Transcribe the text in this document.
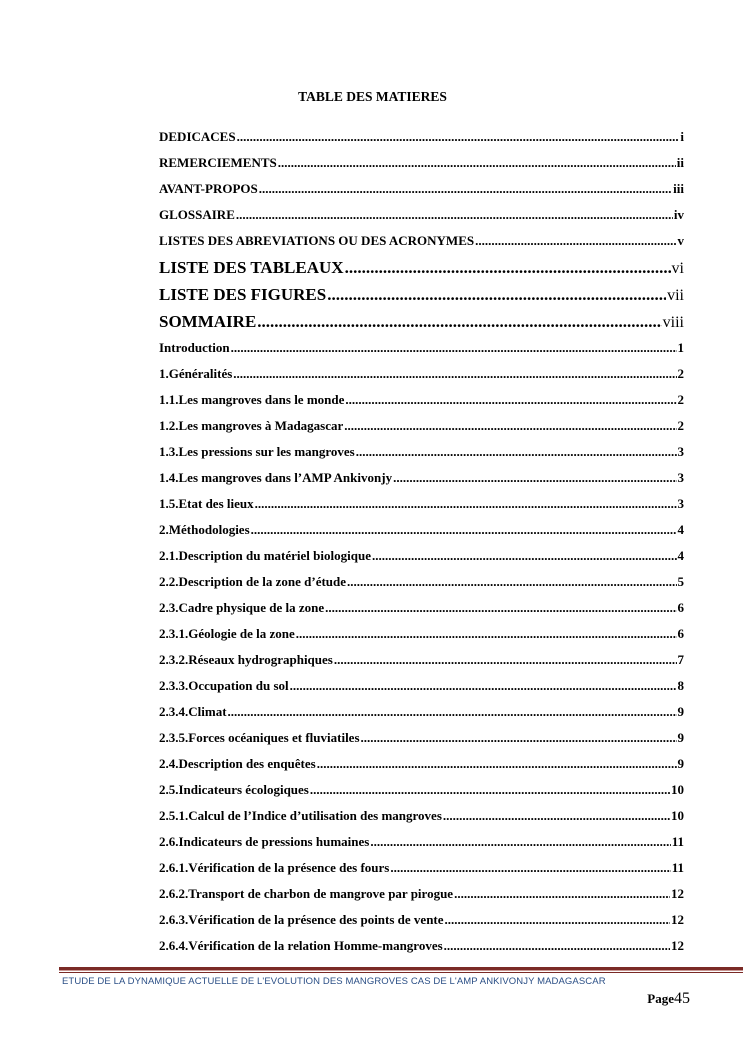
TABLE DES MATIERES
DEDICACES .....	i
REMERCIEMENTS .....	ii
AVANT-PROPOS .....	iii
GLOSSAIRE .....	iv
LISTES DES ABREVIATIONS OU DES ACRONYMES .....	v
LISTE DES TABLEAUX .....	vi
LISTE DES FIGURES .....	vii
SOMMAIRE .....	viii
Introduction .....	1
1.Généralités .....	2
1.1.Les mangroves dans le monde .....	2
1.2.Les mangroves à Madagascar .....	2
1.3.Les pressions sur les mangroves .....	3
1.4.Les mangroves dans l’AMP Ankivonjy .....	3
1.5.Etat des lieux .....	3
2.Méthodologies .....	4
2.1.Description du matériel biologique .....	4
2.2.Description de la zone d’étude .....	5
2.3.Cadre physique de la zone .....	6
2.3.1.Géologie de la zone .....	6
2.3.2.Réseaux hydrographiques .....	7
2.3.3.Occupation du sol .....	8
2.3.4.Climat .....	9
2.3.5.Forces océaniques et fluviatiles .....	9
2.4.Description des enquêtes .....	9
2.5.Indicateurs écologiques .....	10
2.5.1.Calcul de l’Indice d’utilisation des mangroves .....	10
2.6.Indicateurs de pressions humaines .....	11
2.6.1.Vérification de la présence des fours .....	11
2.6.2.Transport de charbon de mangrove par pirogue .....	12
2.6.3.Vérification de la présence des points de vente .....	12
2.6.4.Vérification de la relation Homme-mangroves .....	12
ETUDE DE LA DYNAMIQUE ACTUELLE DE L'EVOLUTION DES MANGROVES CAS DE L'AMP ANKIVONJY MADAGASCAR
Page45
